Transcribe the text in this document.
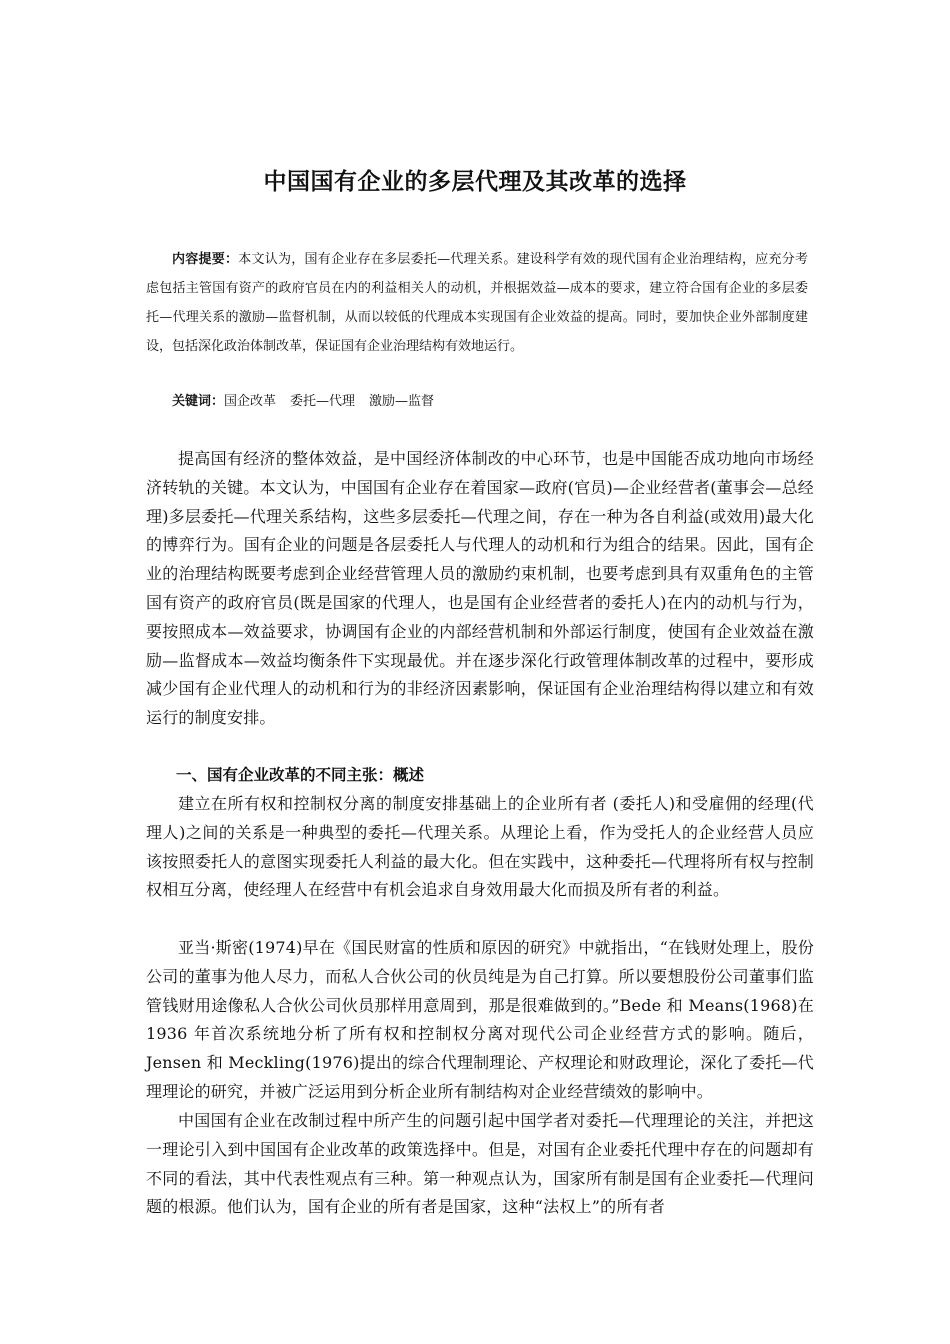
中国国有企业的多层代理及其改革的选择

内容提要：本文认为，国有企业存在多层委托—代理关系。建设科学有效的现代国有企业治理结构，应充分考虑包括主管国有资产的政府官员在内的利益相关人的动机，并根据效益—成本的要求，建立符合国有企业的多层委托—代理关系的激励—监督机制，从而以较低的代理成本实现国有企业效益的提高。同时，要加快企业外部制度建设，包括深化政治体制改革，保证国有企业治理结构有效地运行。

关键词：国企改革 委托—代理 激励—监督

提高国有经济的整体效益，是中国经济体制改的中心环节，也是中国能否成功地向市场经济转轨的关键。本文认为，中国国有企业存在着国家—政府(官员)—企业经营者(董事会—总经理)多层委托—代理关系结构，这些多层委托—代理之间，存在一种为各自利益(或效用)最大化的博弈行为。国有企业的问题是各层委托人与代理人的动机和行为组合的结果。因此，国有企业的治理结构既要考虑到企业经营管理人员的激励约束机制，也要考虑到具有双重角色的主管国有资产的政府官员(既是国家的代理人，也是国有企业经营者的委托人)在内的动机与行为，要按照成本—效益要求，协调国有企业的内部经营机制和外部运行制度，使国有企业效益在激励—监督成本—效益均衡条件下实现最优。并在逐步深化行政管理体制改革的过程中，要形成减少国有企业代理人的动机和行为的非经济因素影响，保证国有企业治理结构得以建立和有效运行的制度安排。

一、国有企业改革的不同主张：概述

建立在所有权和控制权分离的制度安排基础上的企业所有者 (委托人)和受雇佣的经理(代理人)之间的关系是一种典型的委托—代理关系。从理论上看，作为受托人的企业经营人员应该按照委托人的意图实现委托人利益的最大化。但在实践中，这种委托—代理将所有权与控制权相互分离，使经理人在经营中有机会追求自身效用最大化而损及所有者的利益。

亚当·斯密(1974)早在《国民财富的性质和原因的研究》中就指出，“在钱财处理上，股份公司的董事为他人尽力，而私人合伙公司的伙员纯是为自己打算。所以要想股份公司董事们监管钱财用途像私人合伙公司伙员那样用意周到，那是很难做到的。”Bede 和 Means(1968)在 1936 年首次系统地分析了所有权和控制权分离对现代公司企业经营方式的影响。随后，Jensen 和 Meckling(1976)提出的综合代理制理论、产权理论和财政理论，深化了委托—代理理论的研究，并被广泛运用到分析企业所有制结构对企业经营绩效的影响中。

中国国有企业在改制过程中所产生的问题引起中国学者对委托—代理理论的关注，并把这一理论引入到中国国有企业改革的政策选择中。但是，对国有企业委托代理中存在的问题却有不同的看法，其中代表性观点有三种。第一种观点认为，国家所有制是国有企业委托—代理问题的根源。他们认为，国有企业的所有者是国家，这种“法权上”的所有者
